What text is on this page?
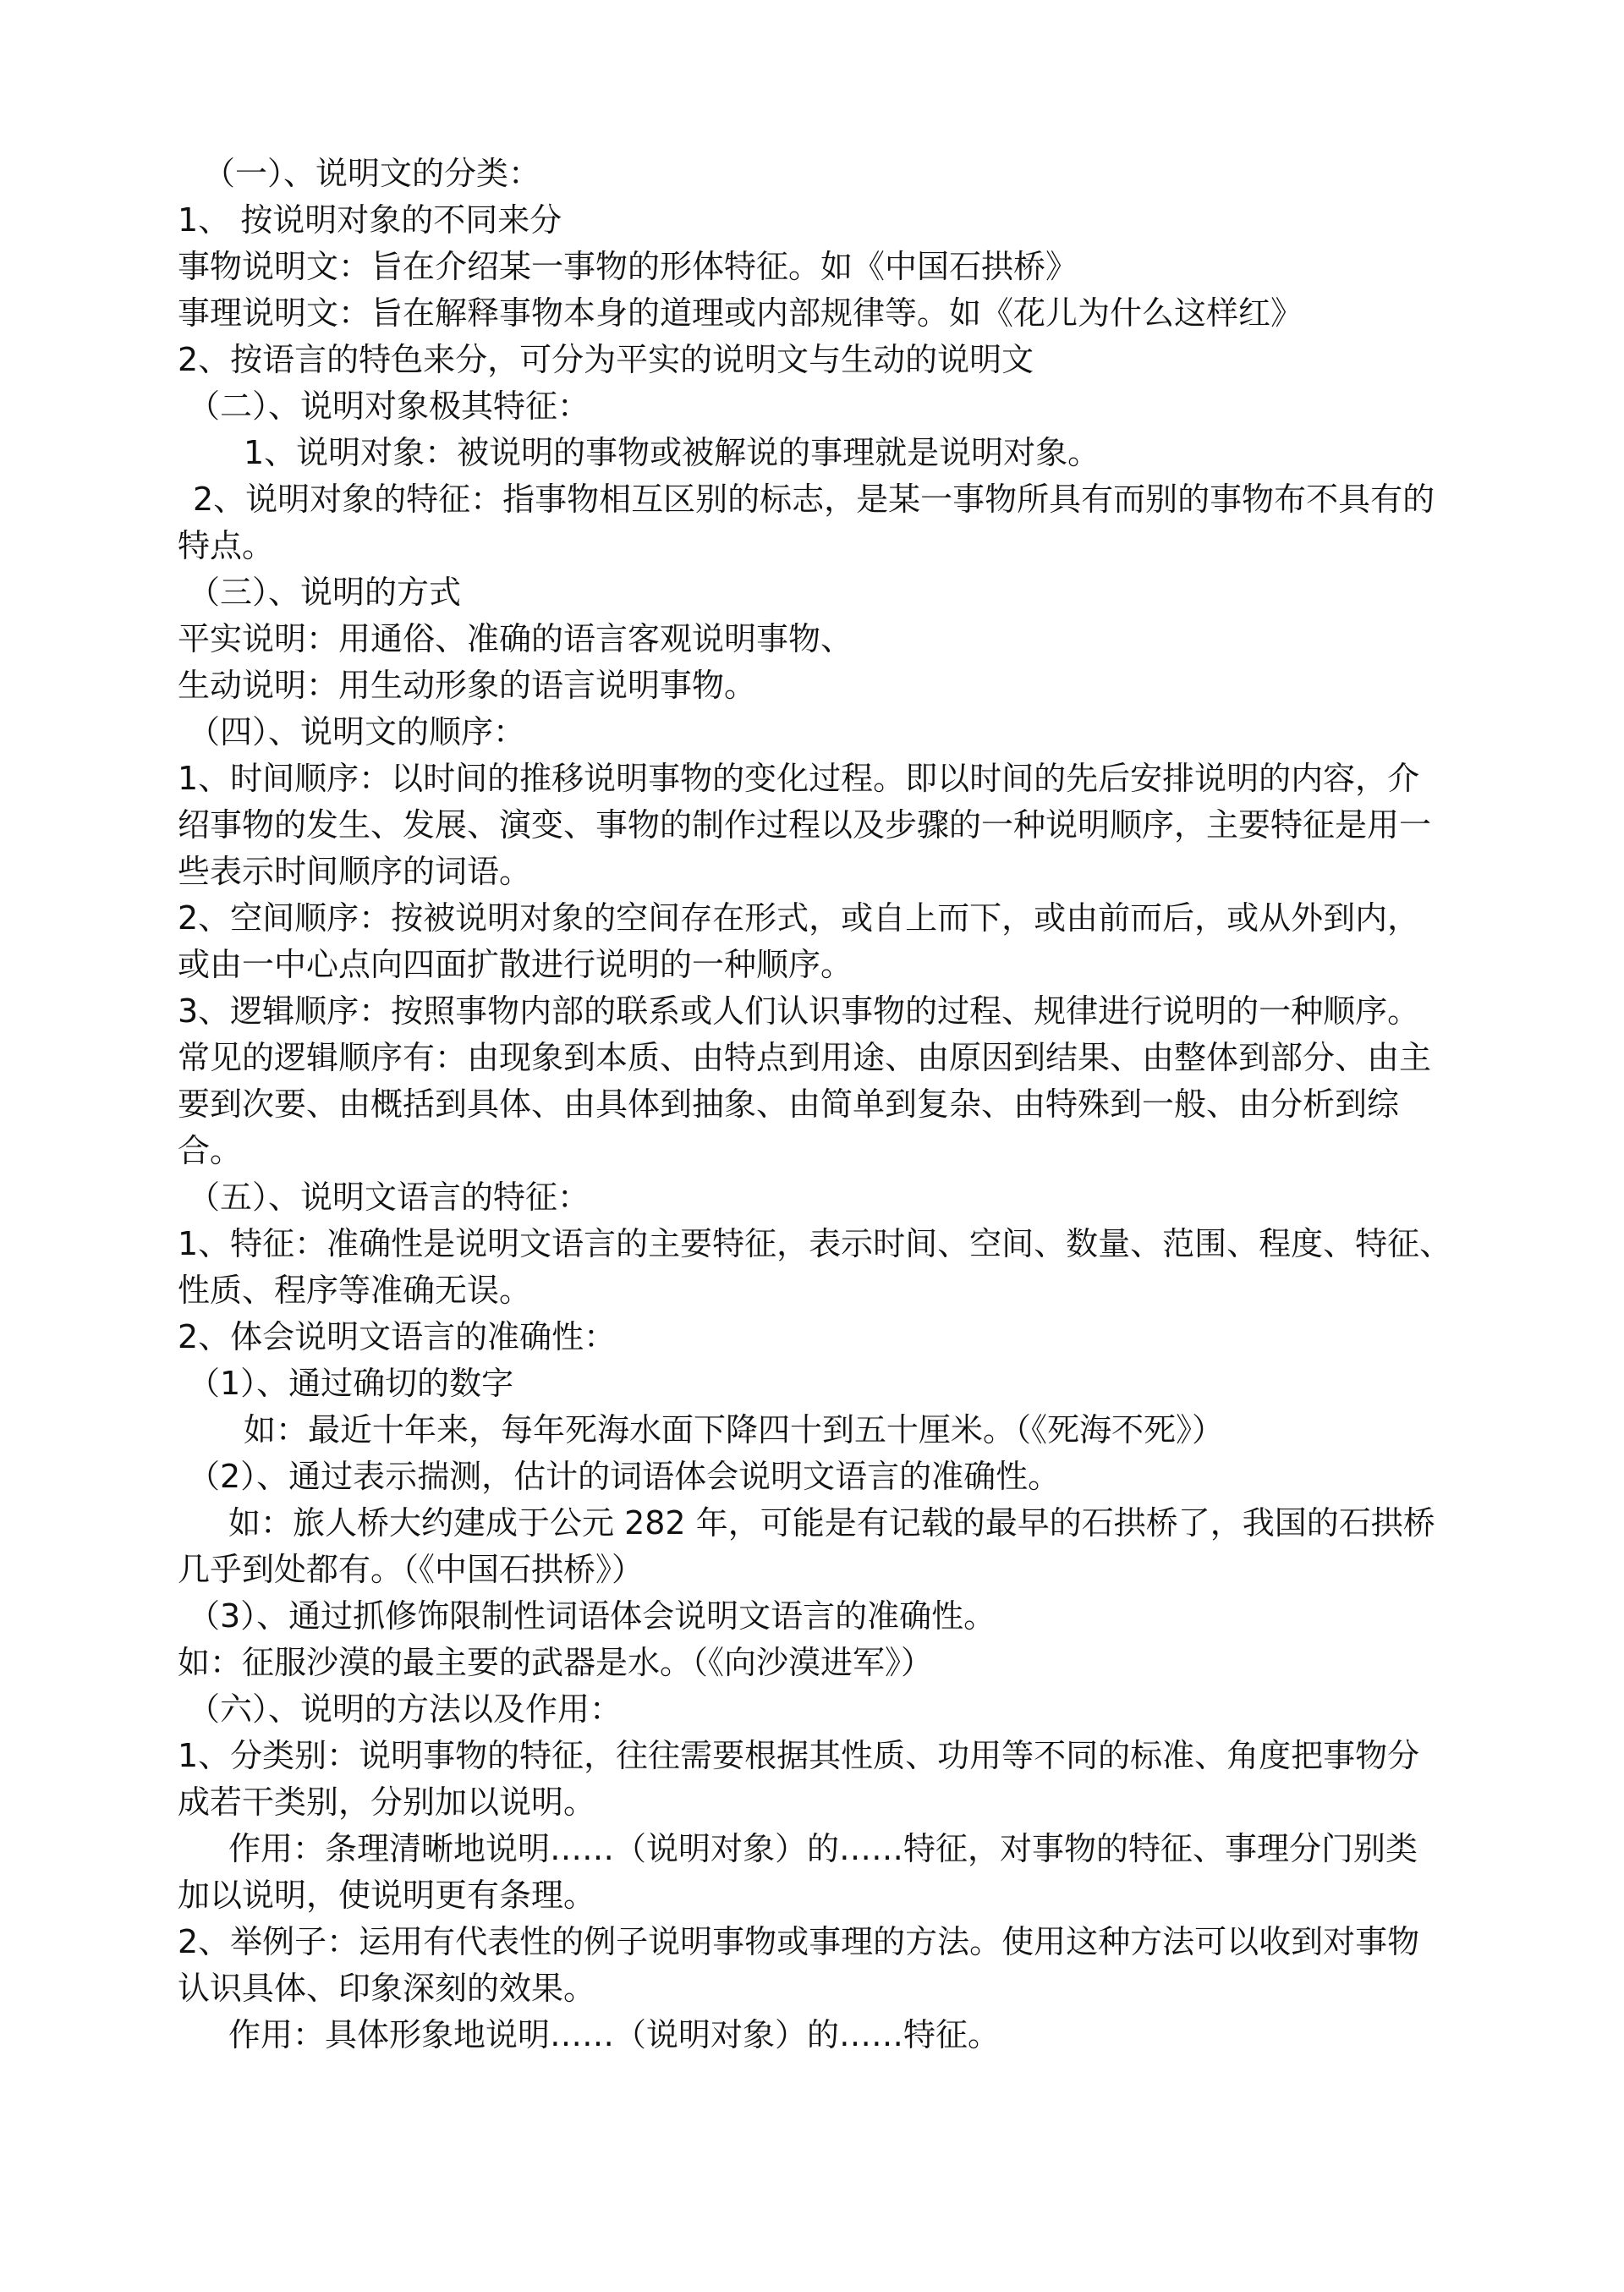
（一）、说明文的分类：
1、 按说明对象的不同来分
事物说明文：旨在介绍某一事物的形体特征。如《中国石拱桥》
事理说明文：旨在解释事物本身的道理或内部规律等。如《花儿为什么这样红》
2、按语言的特色来分，可分为平实的说明文与生动的说明文
（二）、说明对象极其特征：
1、说明对象：被说明的事物或被解说的事理就是说明对象。
2、说明对象的特征：指事物相互区别的标志，是某一事物所具有而别的事物布不具有的
特点。
（三）、说明的方式
平实说明：用通俗、准确的语言客观说明事物、
生动说明：用生动形象的语言说明事物。
（四）、说明文的顺序：
1、时间顺序：以时间的推移说明事物的变化过程。即以时间的先后安排说明的内容，介
绍事物的发生、发展、演变、事物的制作过程以及步骤的一种说明顺序，主要特征是用一
些表示时间顺序的词语。
2、空间顺序：按被说明对象的空间存在形式，或自上而下，或由前而后，或从外到内，
或由一中心点向四面扩散进行说明的一种顺序。
3、逻辑顺序：按照事物内部的联系或人们认识事物的过程、规律进行说明的一种顺序。
常见的逻辑顺序有：由现象到本质、由特点到用途、由原因到结果、由整体到部分、由主
要到次要、由概括到具体、由具体到抽象、由简单到复杂、由特殊到一般、由分析到综
合。
（五）、说明文语言的特征：
1、特征：准确性是说明文语言的主要特征，表示时间、空间、数量、范围、程度、特征、
性质、程序等准确无误。
2、体会说明文语言的准确性：
（1）、通过确切的数字
如：最近十年来，每年死海水面下降四十到五十厘米。（《死海不死》）
（2）、通过表示揣测，估计的词语体会说明文语言的准确性。
如：旅人桥大约建成于公元 282 年，可能是有记载的最早的石拱桥了，我国的石拱桥
几乎到处都有。（《中国石拱桥》）
（3）、通过抓修饰限制性词语体会说明文语言的准确性。
如：征服沙漠的最主要的武器是水。（《向沙漠进军》）
（六）、说明的方法以及作用：
1、分类别：说明事物的特征，往往需要根据其性质、功用等不同的标准、角度把事物分
成若干类别，分别加以说明。
作用：条理清晰地说明……（说明对象）的……特征，对事物的特征、事理分门别类
加以说明，使说明更有条理。
2、举例子：运用有代表性的例子说明事物或事理的方法。使用这种方法可以收到对事物
认识具体、印象深刻的效果。
作用：具体形象地说明……（说明对象）的……特征。
